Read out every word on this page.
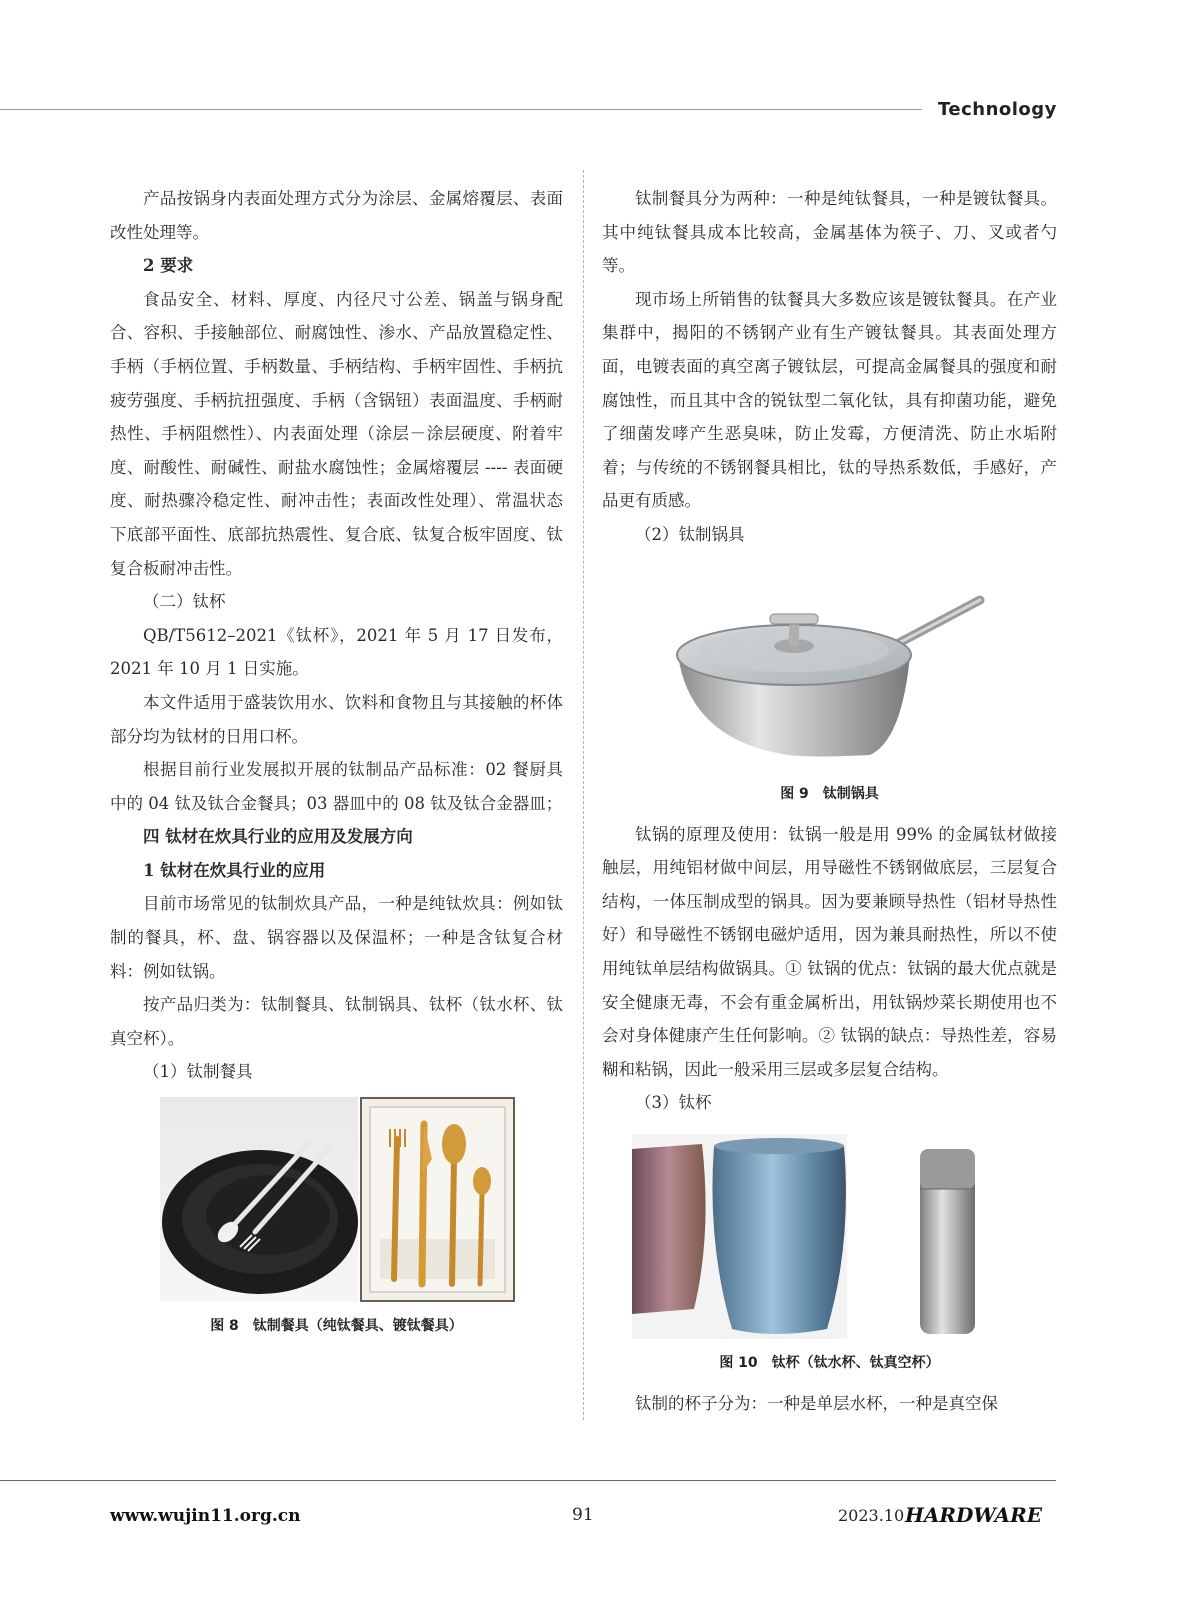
Technology

产品按锅身内表面处理方式分为涂层、金属熔覆层、表面改性处理等。

2 要求

食品安全、材料、厚度、内径尺寸公差、锅盖与锅身配合、容积、手接触部位、耐腐蚀性、渗水、产品放置稳定性、手柄（手柄位置、手柄数量、手柄结构、手柄牢固性、手柄抗疲劳强度、手柄抗扭强度、手柄（含锅钮）表面温度、手柄耐热性、手柄阻燃性）、内表面处理（涂层－涂层硬度、附着牢度、耐酸性、耐碱性、耐盐水腐蚀性；金属熔覆层 ---- 表面硬度、耐热骤冷稳定性、耐冲击性；表面改性处理）、常温状态下底部平面性、底部抗热震性、复合底、钛复合板牢固度、钛复合板耐冲击性。

（二）钛杯

QB/T5612–2021《钛杯》，2021 年 5 月 17 日发布，2021 年 10 月 1 日实施。

本文件适用于盛装饮用水、饮料和食物且与其接触的杯体部分均为钛材的日用口杯。

根据目前行业发展拟开展的钛制品产品标准：02 餐厨具中的 04 钛及钛合金餐具；03 器皿中的 08 钛及钛合金器皿；

四 钛材在炊具行业的应用及发展方向

1 钛材在炊具行业的应用

目前市场常见的钛制炊具产品，一种是纯钛炊具：例如钛制的餐具，杯、盘、锅容器以及保温杯；一种是含钛复合材料：例如钛锅。

按产品归类为：钛制餐具、钛制锅具、钛杯（钛水杯、钛真空杯）。

（1）钛制餐具

图 8　钛制餐具（纯钛餐具、镀钛餐具）

钛制餐具分为两种：一种是纯钛餐具，一种是镀钛餐具。其中纯钛餐具成本比较高，金属基体为筷子、刀、叉或者勺等。

现市场上所销售的钛餐具大多数应该是镀钛餐具。在产业集群中，揭阳的不锈钢产业有生产镀钛餐具。其表面处理方面，电镀表面的真空离子镀钛层，可提高金属餐具的强度和耐腐蚀性，而且其中含的锐钛型二氧化钛，具有抑菌功能，避免了细菌发哮产生恶臭味，防止发霉，方便清洗、防止水垢附着；与传统的不锈钢餐具相比，钛的导热系数低，手感好，产品更有质感。

（2）钛制锅具

图 9　钛制锅具

钛锅的原理及使用：钛锅一般是用 99% 的金属钛材做接触层，用纯铝材做中间层，用导磁性不锈钢做底层，三层复合结构，一体压制成型的锅具。因为要兼顾导热性（铝材导热性好）和导磁性不锈钢电磁炉适用，因为兼具耐热性，所以不使用纯钛单层结构做锅具。① 钛锅的优点：钛锅的最大优点就是安全健康无毒，不会有重金属析出，用钛锅炒菜长期使用也不会对身体健康产生任何影响。② 钛锅的缺点：导热性差，容易糊和粘锅，因此一般采用三层或多层复合结构。

（3）钛杯

图 10　钛杯（钛水杯、钛真空杯）

钛制的杯子分为：一种是单层水杯，一种是真空保

www.wujin11.org.cn	91	2023.10 HARDWARE
